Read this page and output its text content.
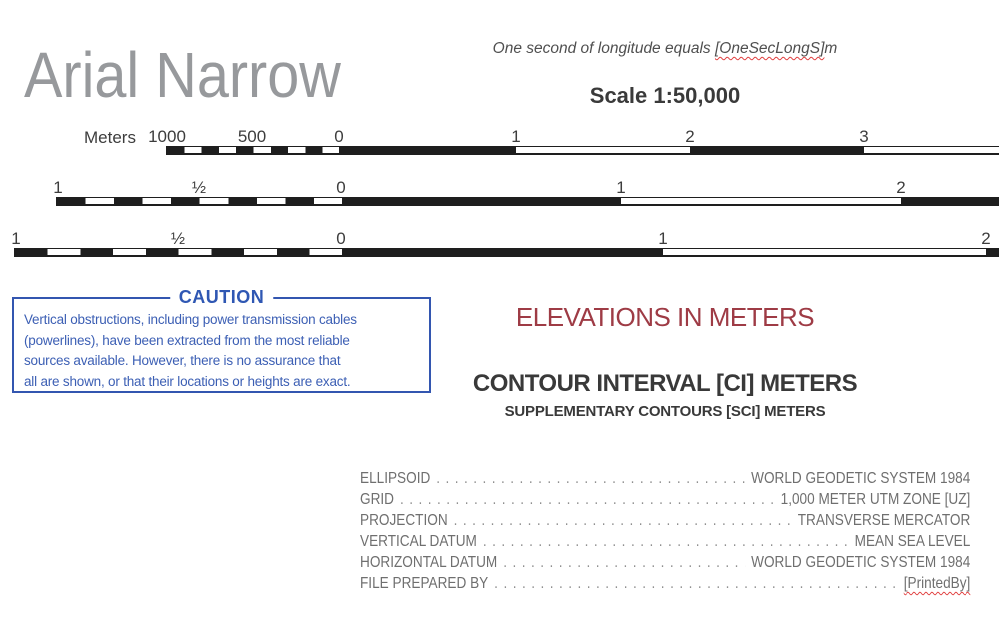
Arial Narrow	One second of longitude equals [OneSecLongS]m
Scale 1:50,000
Meters 1000	500	0	1	2	3
1	½	0	1	2
1	½	0	1	2
CAUTION
Vertical obstructions, including power transmission cables
(powerlines), have been extracted from the most reliable
sources available. However, there is no assurance that
all are shown, or that their locations or heights are exact.
ELEVATIONS IN METERS
CONTOUR INTERVAL [CI] METERS
SUPPLEMENTARY CONTOURS [SCI] METERS
ELLIPSOID . . .	WORLD GEODETIC SYSTEM 1984
GRID . . .	1,000 METER UTM ZONE [UZ]
PROJECTION . . .	TRANSVERSE MERCATOR
VERTICAL DATUM . . .	MEAN SEA LEVEL
HORIZONTAL DATUM . . .	WORLD GEODETIC SYSTEM 1984
FILE PREPARED BY . . .	[PrintedBy]
